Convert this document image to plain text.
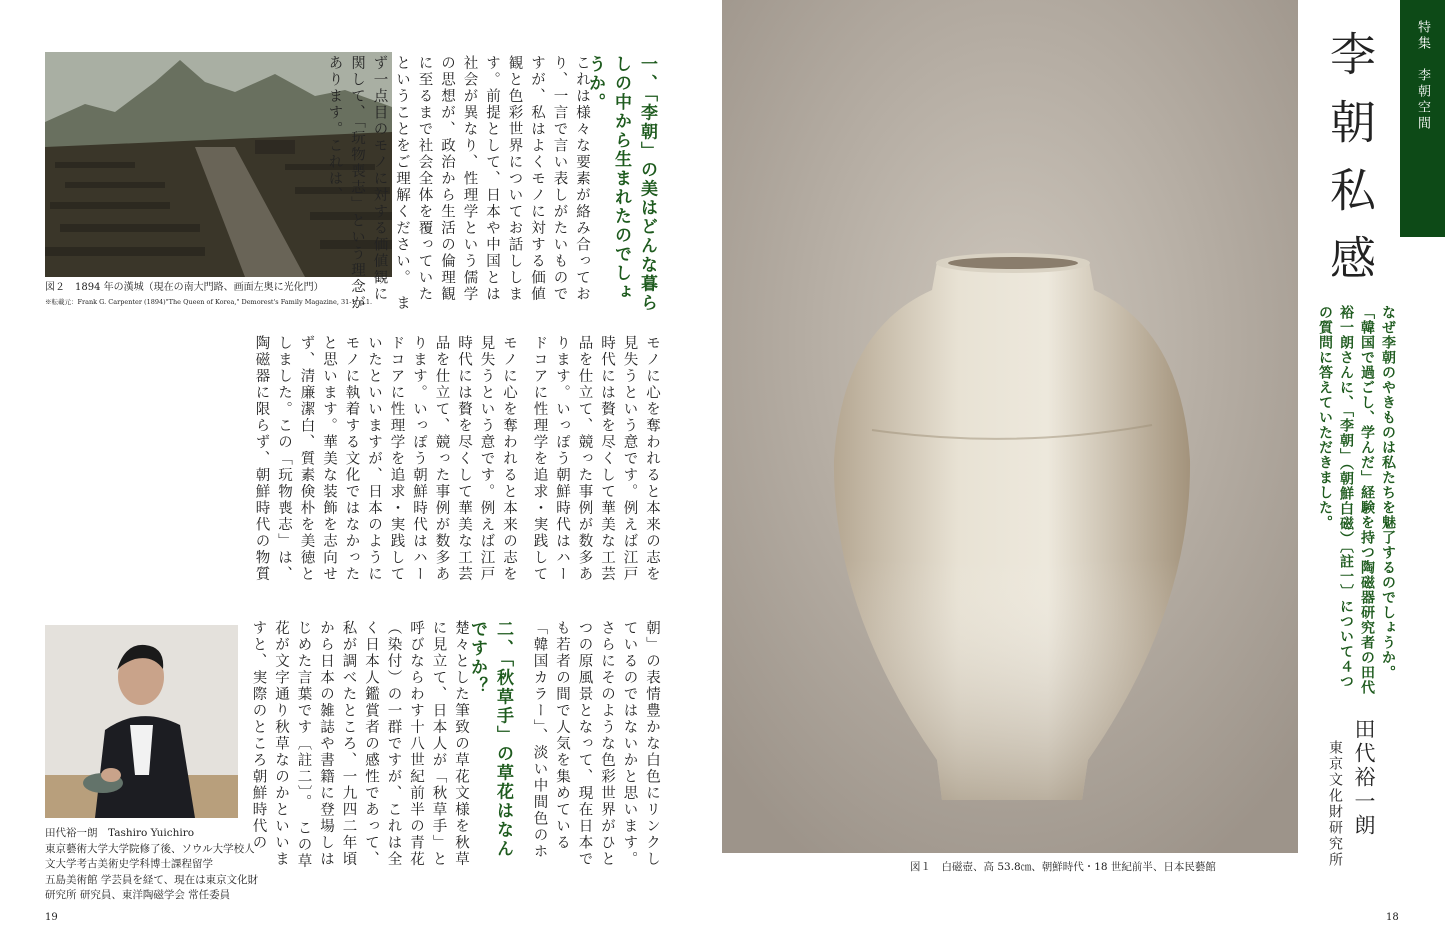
図２　1894 年の漢城（現在の南大門路、画面左奥に光化門）
※転載元：Frank G. Carpenter (1894)"The Queen of Korea," Demorest's Family Magazine, 31-1, p.1.	一、「李朝」の美はどんな暮らしの中から生まれたのでしょうか。
これは様々な要素が絡み合っており、一言で言い表しがたいものですが、私はよくモノに対する価値観と色彩世界についてお話しします。前提として、日本や中国とは社会が異なり、性理学という儒学の思想が、政治から生活の倫理観に至るまで社会全体を覆っていたということをご理解ください。　まず一点目のモノに対する価値観に関して、「玩物喪志」という理念があります。これは、
モノに心を奪われると本来の志を見失うという意です。例えば江戸時代には贅を尽くして華美な工芸品を仕立て、競った事例が数多あります。いっぽう朝鮮時代はハードコアに性理学を追求・実践して　
モノに心を奪われると本来の志を見失うという意です。例えば江戸時代には贅を尽くして華美な工芸品を仕立て、競った事例が数多あります。いっぽう朝鮮時代はハードコアに性理学を追求・実践していたといいますが、日本のようにモノに執着する文化ではなかったと思います。華美な装飾を志向せず、清廉潔白、質素倹朴を美徳としました。この「玩物喪志」は、陶磁器に限らず、朝鮮時代の物質　
朝」の表情豊かな白色にリンクしているのではないかと思います。さらにそのような色彩世界がひとつの原風景となって、現在日本でも若者の間で人気を集めている「韓国カラー」、淡い中間色のホ
二、「秋草手」の草花はなんですか？
楚々とした筆致の草花文様を秋草に見立て、日本人が「秋草手」と呼びならわす十八世紀前半の青花（染付）の一群ですが、これは全く日本人鑑賞者の感性であって、私が調べたところ、一九四二年頃から日本の雑誌や書籍に登場しはじめた言葉です〔註二〕。　この草花が文字通り秋草なのかといいますと、実際のところ朝鮮時代の
田代裕一朗　Tashiro Yuichiro
東京藝術大学大学院修了後、ソウル大学校人
文大学考古美術史学科博士課程留学
五島美術館 学芸員を経て、現在は東京文化財
研究所 研究員、東洋陶磁学会 常任委員
19
図１　白磁壺、高 53.8㎝、朝鮮時代・18 世紀前半、日本民藝館
特集　李朝空間
李朝私感
なぜ李朝のやきものは私たちを魅了するのでしょうか。「韓国で過ごし、学んだ」経験を持つ陶磁器研究者の田代裕一朗さんに、「李朝」（朝鮮白磁）〔註一〕について４つの質問に答えていただきました。
田代裕一朗
東京文化財研究所
18
